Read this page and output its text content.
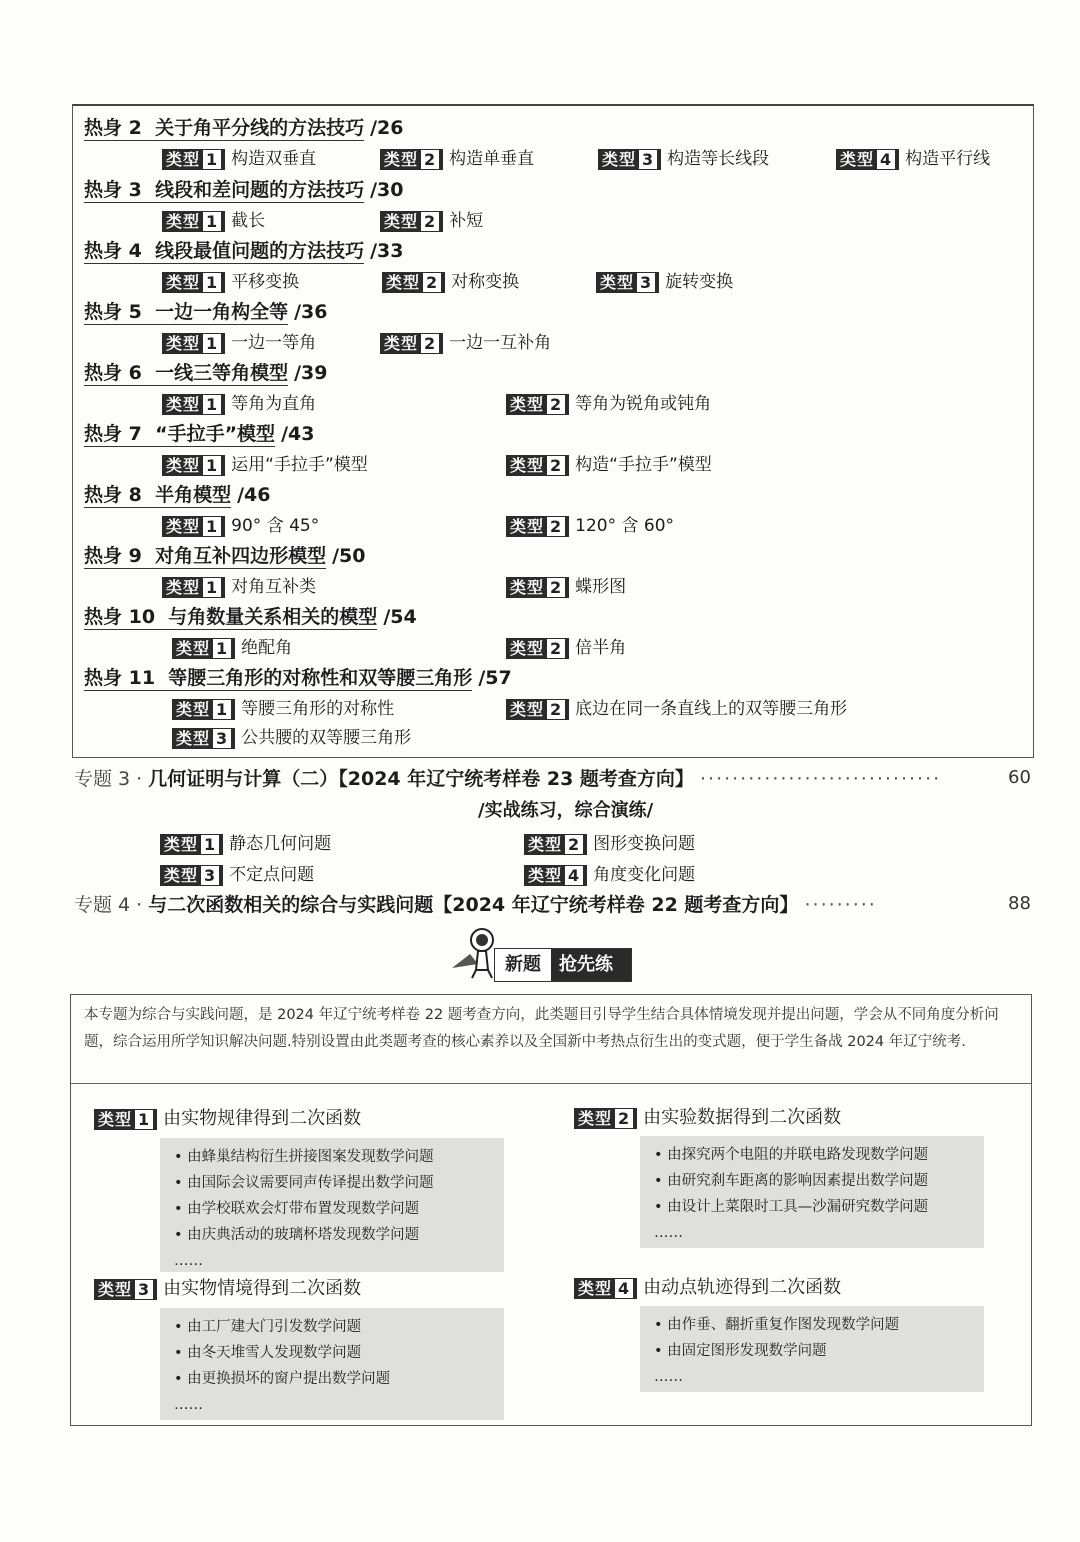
热身 2 关于角平分线的方法技巧 /26
类型 1 构造双垂直	类型 2 构造单垂直	类型 3 构造等长线段	类型 4 构造平行线
热身 3 线段和差问题的方法技巧 /30
类型 1 截长	类型 2 补短
热身 4 线段最值问题的方法技巧 /33
类型 1 平移变换	类型 2 对称变换	类型 3 旋转变换
热身 5 一边一角构全等 /36
类型 1 一边一等角	类型 2 一边一互补角
热身 6 一线三等角模型 /39
类型 1 等角为直角	类型 2 等角为锐角或钝角
热身 7 “手拉手”模型 /43
类型 1 运用“手拉手”模型	类型 2 构造“手拉手”模型
热身 8 半角模型 /46
类型 1 90° 含 45°	类型 2 120° 含 60°
热身 9 对角互补四边形模型 /50
类型 1 对角互补类	类型 2 蝶形图
热身 10 与角数量关系相关的模型 /54
类型 1 绝配角	类型 2 倍半角
热身 11 等腰三角形的对称性和双等腰三角形 /57
类型 1 等腰三角形的对称性	类型 2 底边在同一条直线上的双等腰三角形
类型 3 公共腰的双等腰三角形
专题 3 · 几何证明与计算（二）【2024 年辽宁统考样卷 23 题考查方向】 ······························	60
/实战练习，综合演练/
类型 1 静态几何问题	类型 2 图形变换问题
类型 3 不定点问题	类型 4 角度变化问题
专题 4 · 与二次函数相关的综合与实践问题【2024 年辽宁统考样卷 22 题考查方向】 ·········	88
新题	抢先练
本专题为综合与实践问题，是 2024 年辽宁统考样卷 22 题考查方向，此类题目引导学生结合具体情境发现并提出问题，学会从不同角度分析问题，综合运用所学知识解决问题.特别设置由此类题考查的核心素养以及全国新中考热点衍生出的变式题，便于学生备战 2024 年辽宁统考.
类型 1 由实物规律得到二次函数
• 由蜂巢结构衍生拼接图案发现数学问题
• 由国际会议需要同声传译提出数学问题
• 由学校联欢会灯带布置发现数学问题
• 由庆典活动的玻璃杯塔发现数学问题
……
类型 2 由实验数据得到二次函数
• 由探究两个电阻的并联电路发现数学问题
• 由研究刹车距离的影响因素提出数学问题
• 由设计上菜限时工具—沙漏研究数学问题
……
类型 3 由实物情境得到二次函数
• 由工厂建大门引发数学问题
• 由冬天堆雪人发现数学问题
• 由更换损坏的窗户提出数学问题
……
类型 4 由动点轨迹得到二次函数
• 由作垂、翻折重复作图发现数学问题
• 由固定图形发现数学问题
……
